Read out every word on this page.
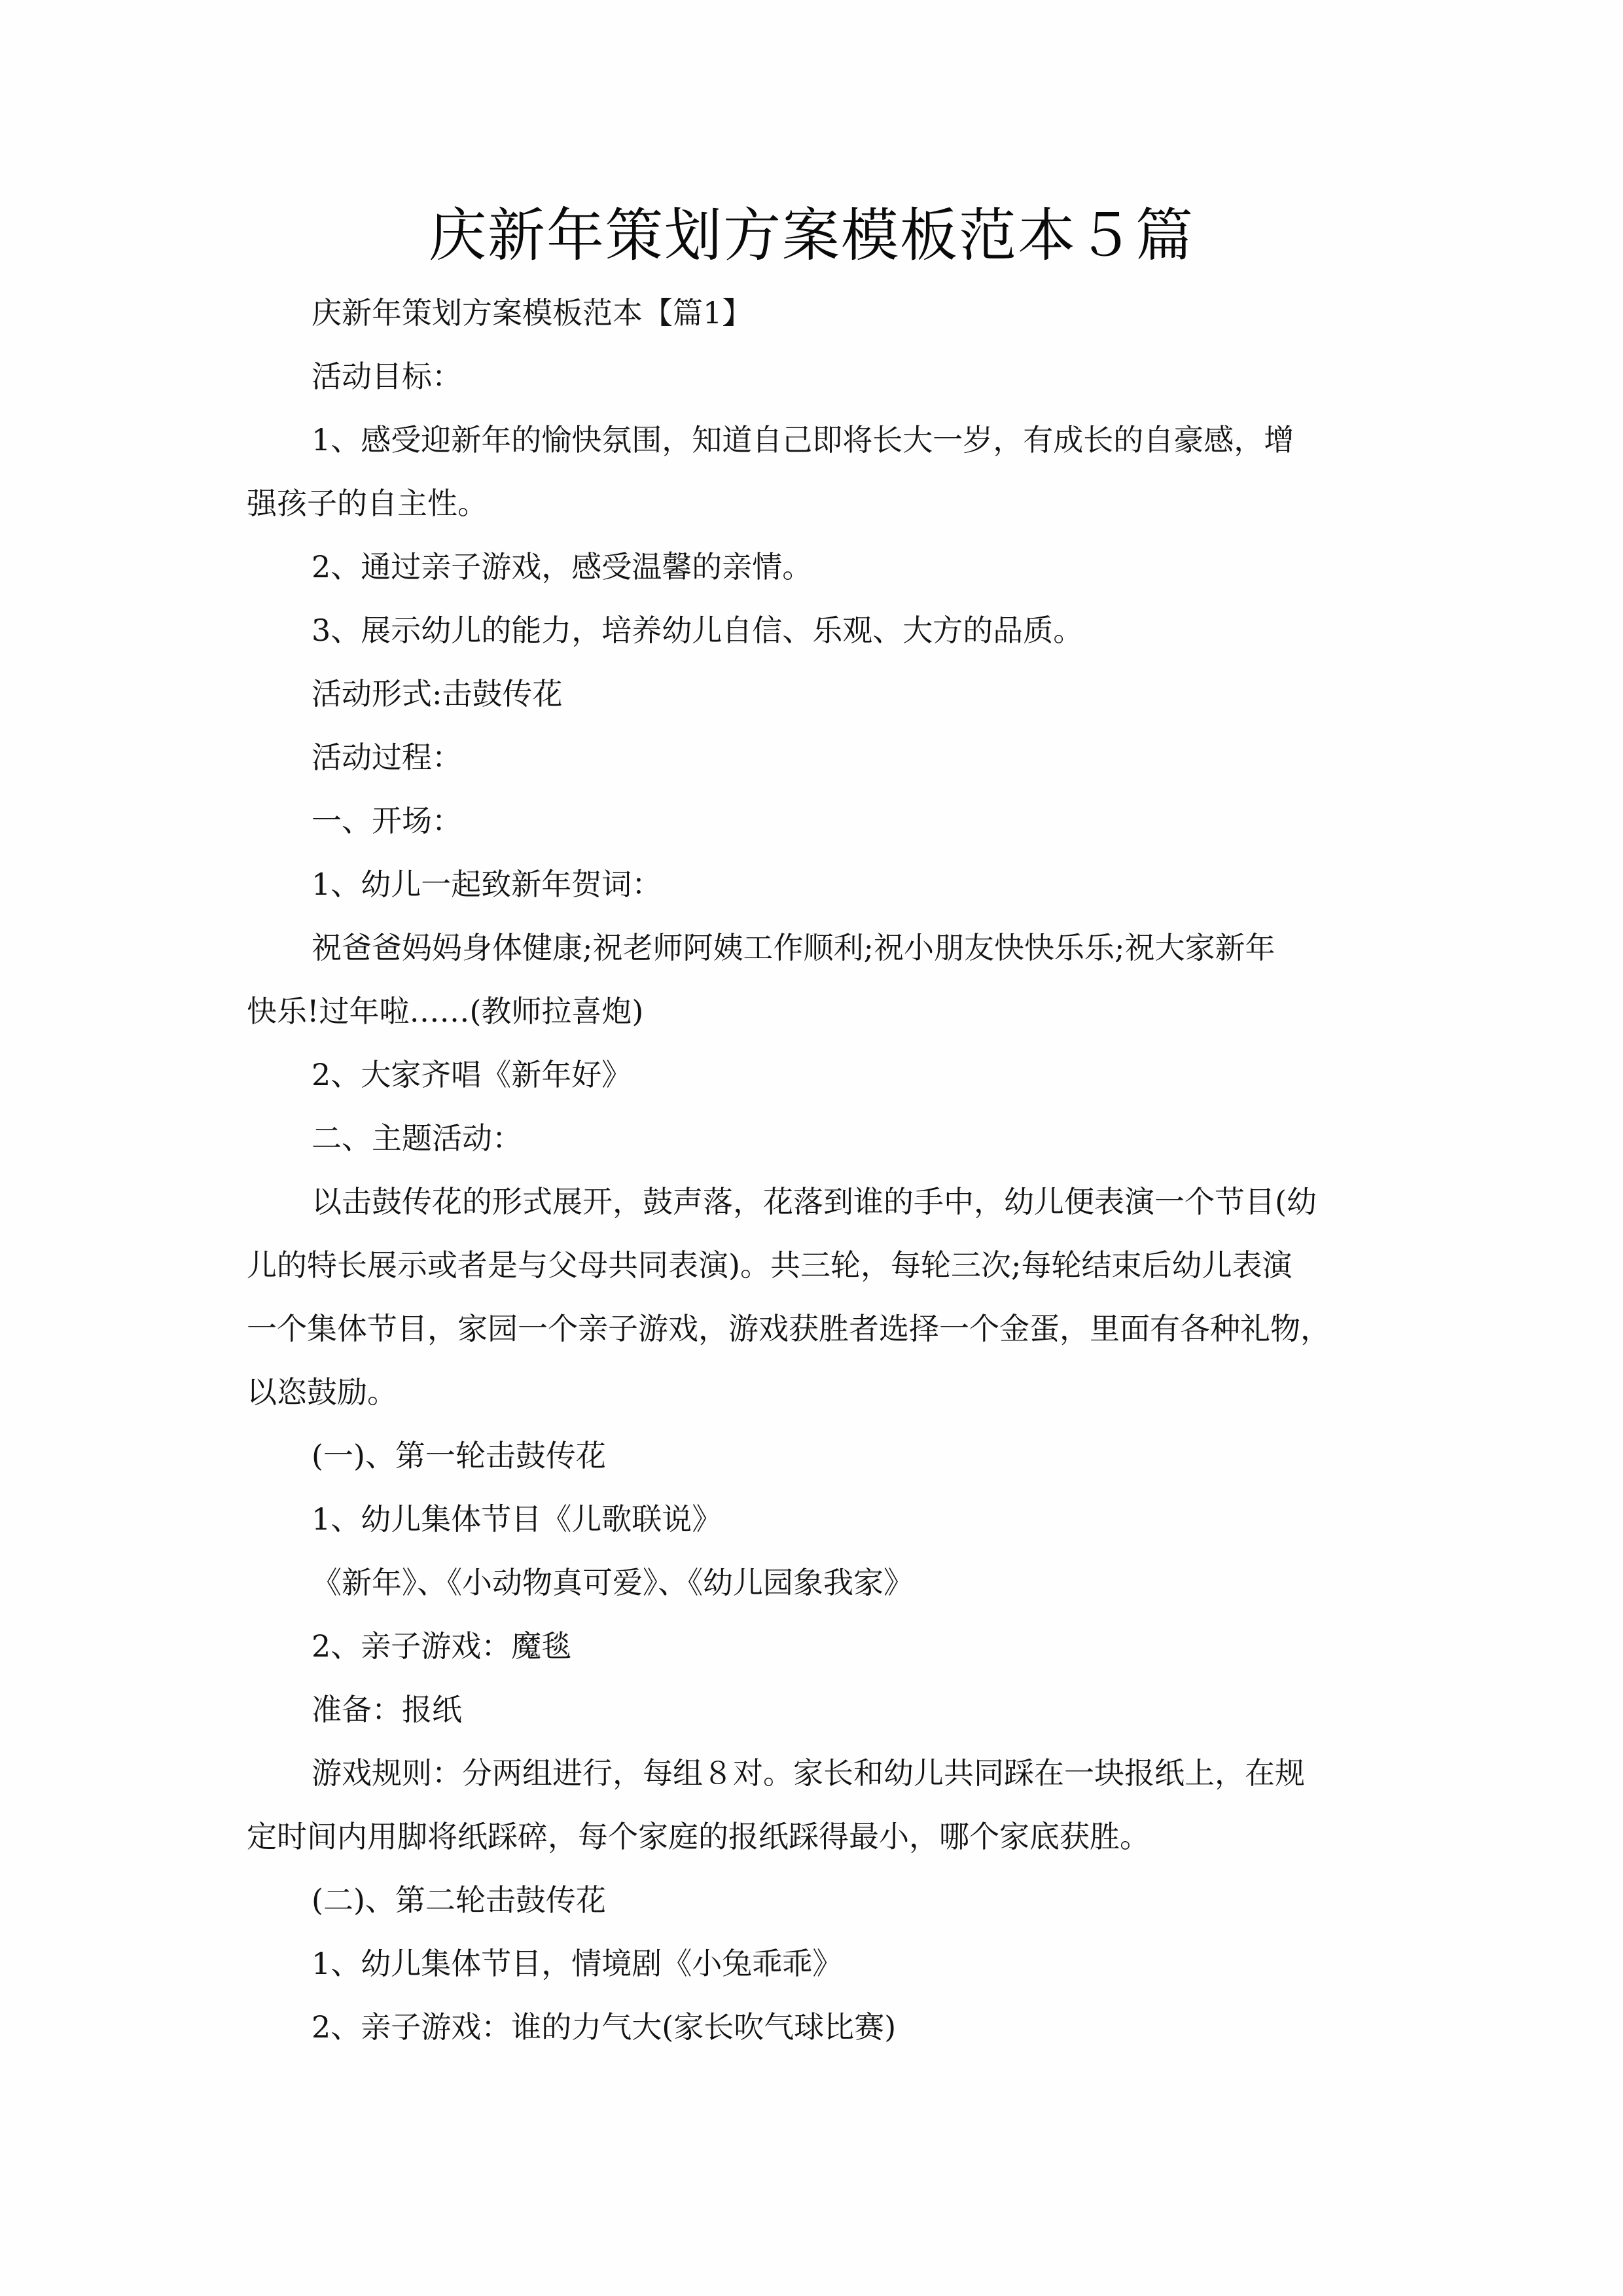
庆新年策划方案模板范本５篇
庆新年策划方案模板范本【篇1】
活动目标：
1、感受迎新年的愉快氛围，知道自己即将长大一岁，有成长的自豪感，增
强孩子的自主性。
2、通过亲子游戏，感受温馨的亲情。
3、展示幼儿的能力，培养幼儿自信、乐观、大方的品质。
活动形式:击鼓传花
活动过程：
一、开场：
1、幼儿一起致新年贺词：
祝爸爸妈妈身体健康;祝老师阿姨工作顺利;祝小朋友快快乐乐;祝大家新年
快乐!过年啦……(教师拉喜炮)
2、大家齐唱《新年好》
二、主题活动：
以击鼓传花的形式展开，鼓声落，花落到谁的手中，幼儿便表演一个节目(幼
儿的特长展示或者是与父母共同表演)。共三轮，每轮三次;每轮结束后幼儿表演
一个集体节目，家园一个亲子游戏，游戏获胜者选择一个金蛋，里面有各种礼物，
以恣鼓励。
(一)、第一轮击鼓传花
1、幼儿集体节目《儿歌联说》
《新年》、《小动物真可爱》、《幼儿园象我家》
2、亲子游戏：魔毯
准备：报纸
游戏规则：分两组进行，每组８对。家长和幼儿共同踩在一块报纸上，在规
定时间内用脚将纸踩碎，每个家庭的报纸踩得最小，哪个家底获胜。
(二)、第二轮击鼓传花
1、幼儿集体节目，情境剧《小兔乖乖》
2、亲子游戏：谁的力气大(家长吹气球比赛)
